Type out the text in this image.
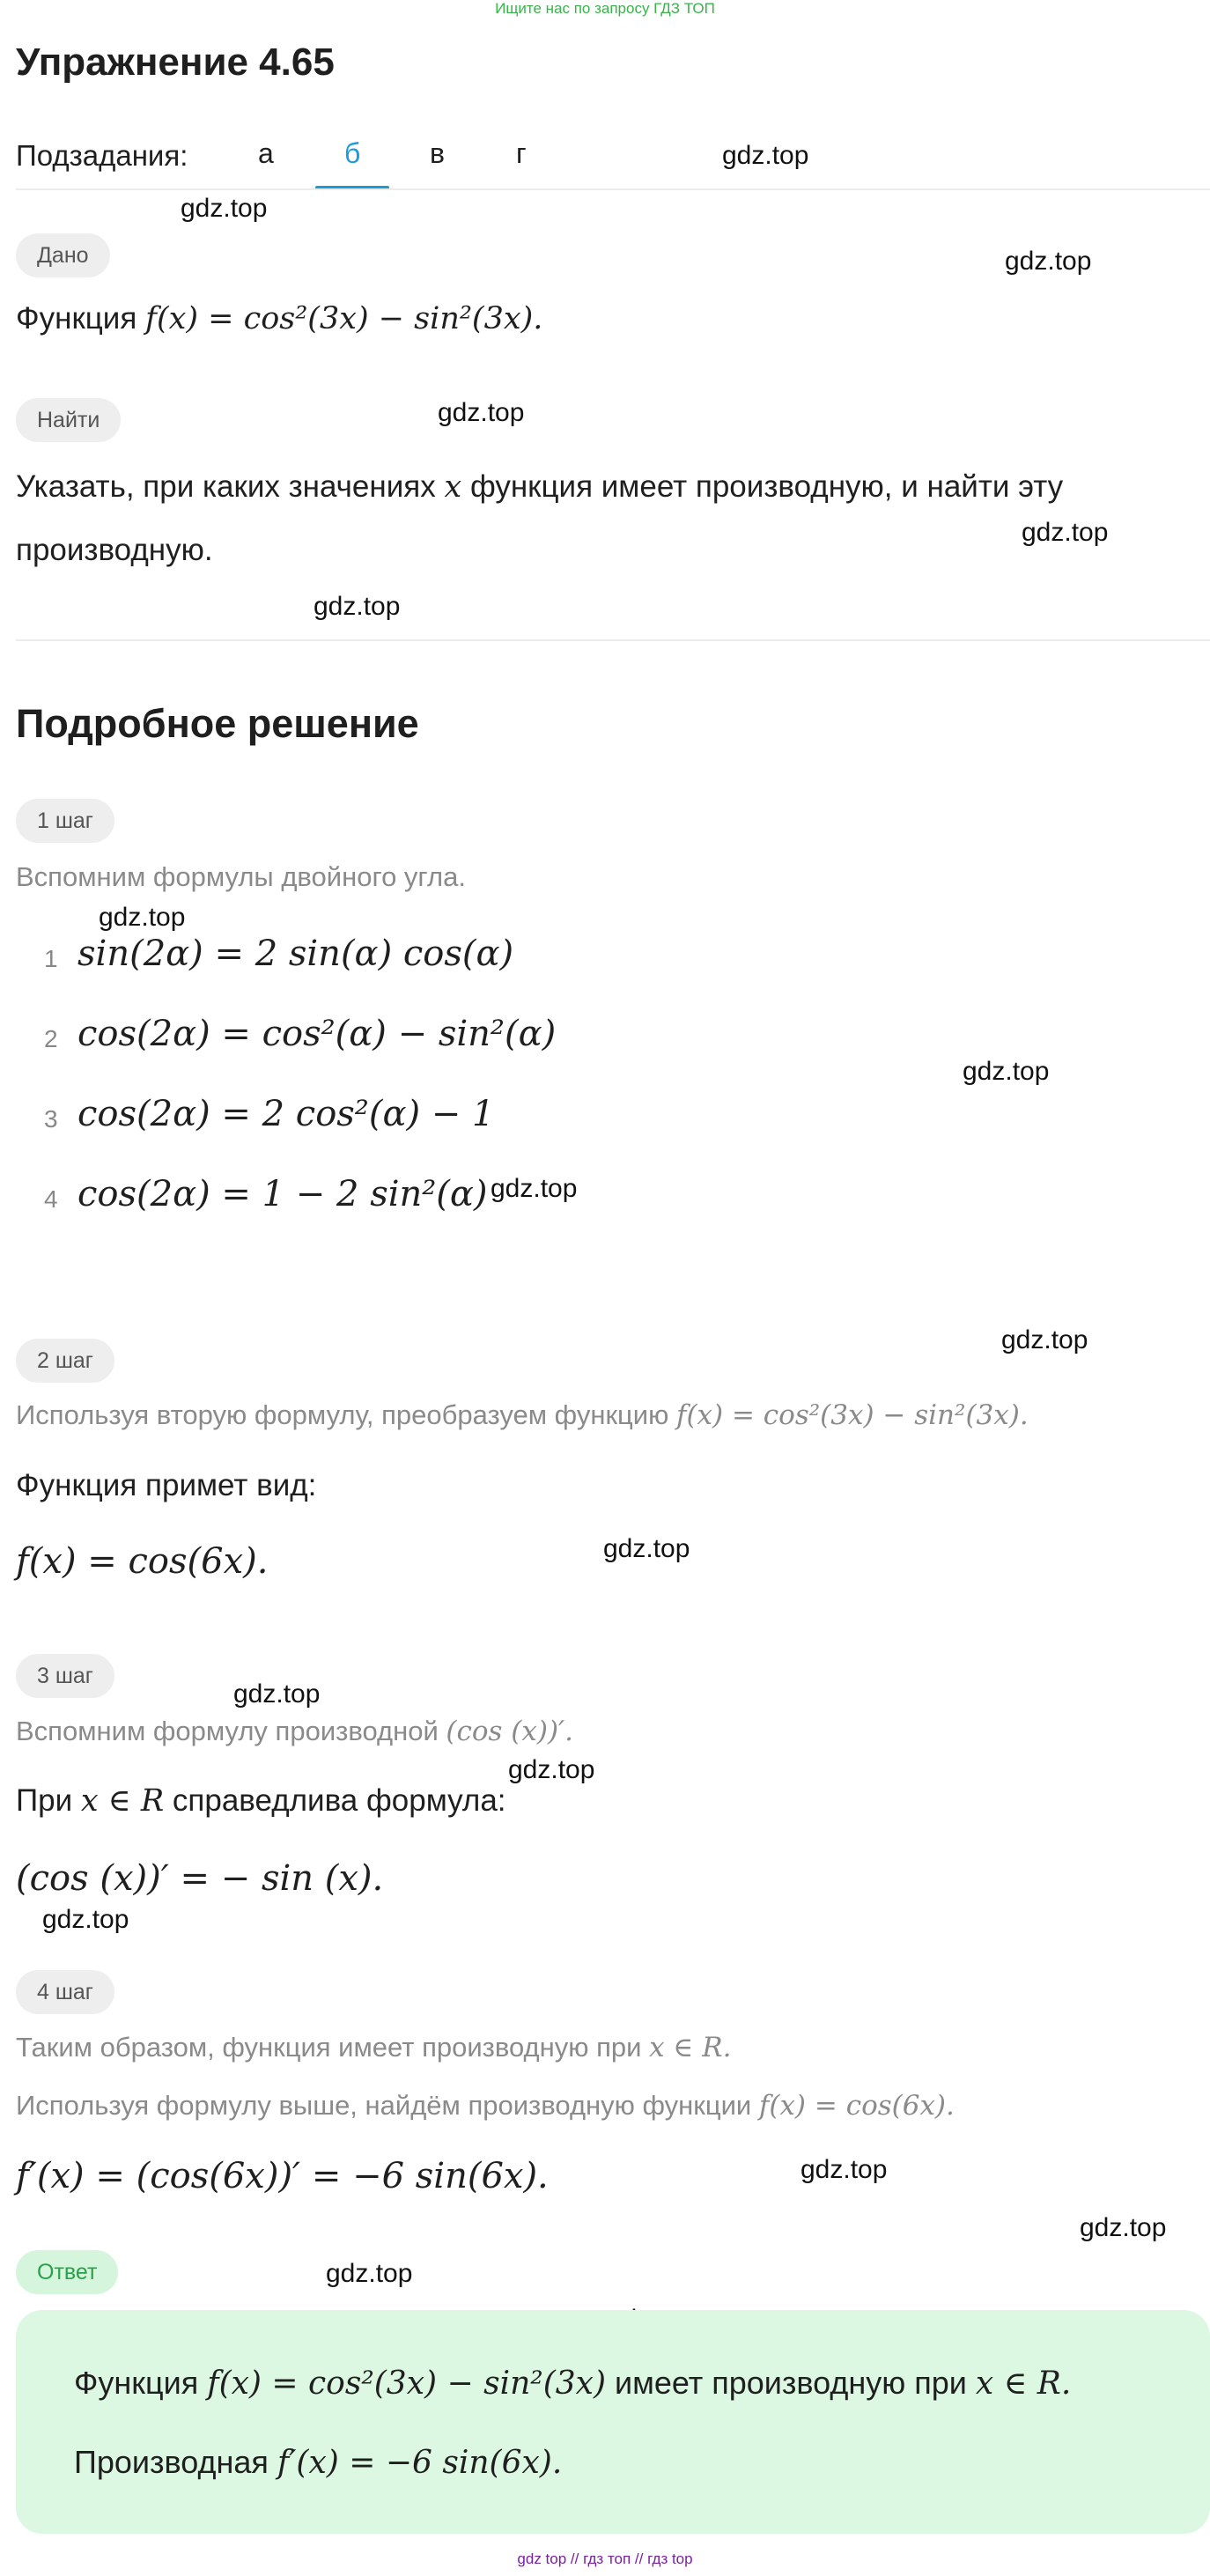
Ищите нас по запросу ГДЗ ТОП
Упражнение 4.65
Подзадания: а	б в	г	gdz.top
gdz.top
gdz.top
gdz.top
gdz.top
gdz.top
gdz.top
gdz.top
gdz.top
gdz.top
gdz.top
gdz.top
gdz.top
gdz.top
gdz.top
gdz.top
gdz.top
Дано
Функция f(x) = cos²(3x) − sin²(3x).
Найти
Указать, при каких значениях x функция имеет производную, и найти эту
производную.
Подробное решение
1 шаг
Вспомним формулы двойного угла.
1 sin(2α) = 2 sin(α) cos(α)
2 cos(2α) = cos²(α) − sin²(α)
3 cos(2α) = 2 cos²(α) − 1
4 cos(2α) = 1 − 2 sin²(α)
2 шаг
Используя вторую формулу, преобразуем функцию f(x) = cos²(3x) − sin²(3x).
Функция примет вид:
f(x) = cos(6x).
3 шаг
Вспомним формулу производной (cos (x))′.
При x ∈ R справедлива формула:
(cos (x))′ = − sin (x).
4 шаг
Таким образом, функция имеет производную при x ∈ R.
Используя формулу выше, найдём производную функции f(x) = cos(6x).
f′(x) = (cos(6x))′ = −6 sin(6x).
Ответ
Функция f(x) = cos²(3x) − sin²(3x) имеет производную при x ∈ R.
Производная f′(x) = −6 sin(6x).
gdz top // гдз топ // гдз top
